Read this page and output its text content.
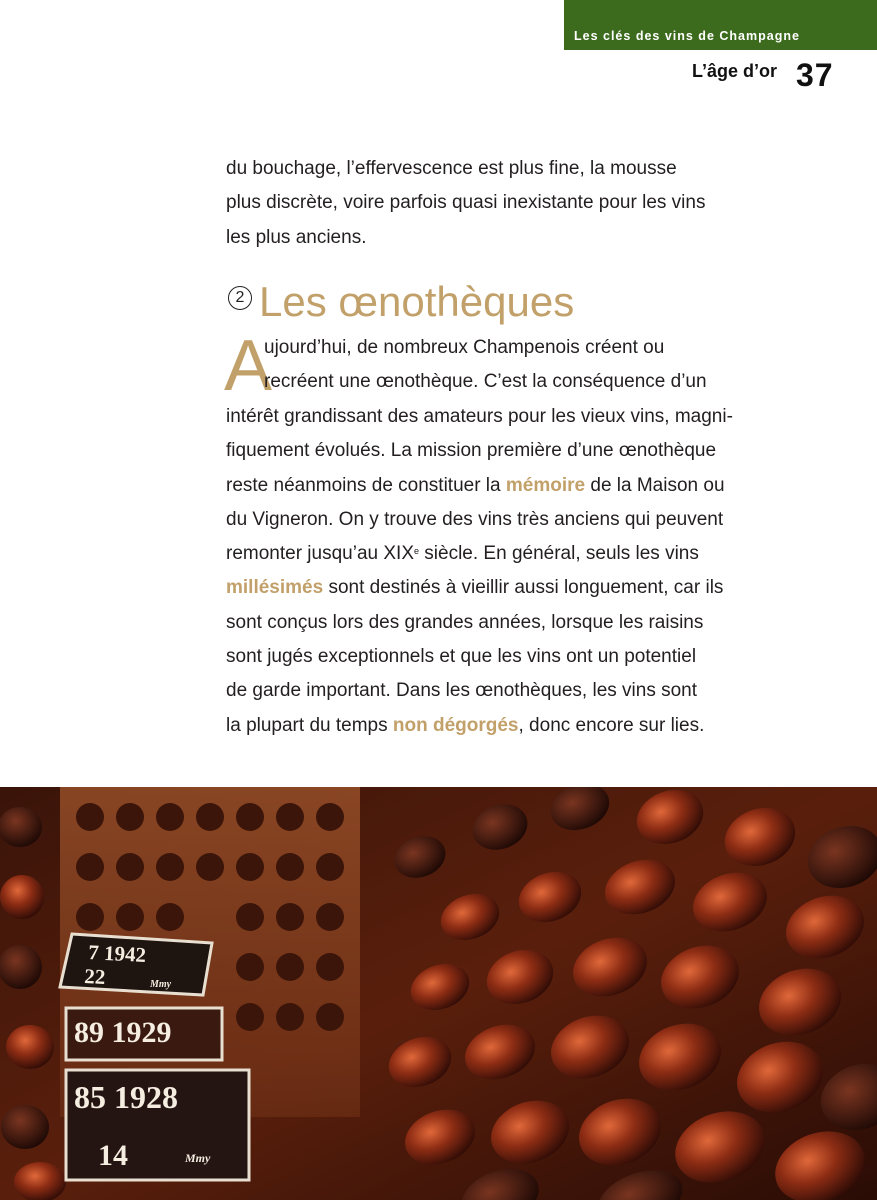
Les clés des vins de Champagne
L’âge d’or 37
du bouchage, l’effervescence est plus fine, la mousse
plus discrète, voire parfois quasi inexistante pour les vins
les plus anciens.
2 Les œnothèques
A
ujourd’hui, de nombreux Champenois créent ou
recréent une œnothèque. C’est la conséquence d’un
intérêt grandissant des amateurs pour les vieux vins, magni-
fiquement évolués. La mission première d’une œnothèque
reste néanmoins de constituer la mémoire de la Maison ou
du Vigneron. On y trouve des vins très anciens qui peuvent
remonter jusqu’au XIXe siècle. En général, seuls les vins
millésimés sont destinés à vieillir aussi longuement, car ils
sont conçus lors des grandes années, lorsque les raisins
sont jugés exceptionnels et que les vins ont un potentiel
de garde important. Dans les œnothèques, les vins sont
la plupart du temps non dégorgés, donc encore sur lies.
7 1942
22	Mmy
89 1929
85 1928
14	Mmy
